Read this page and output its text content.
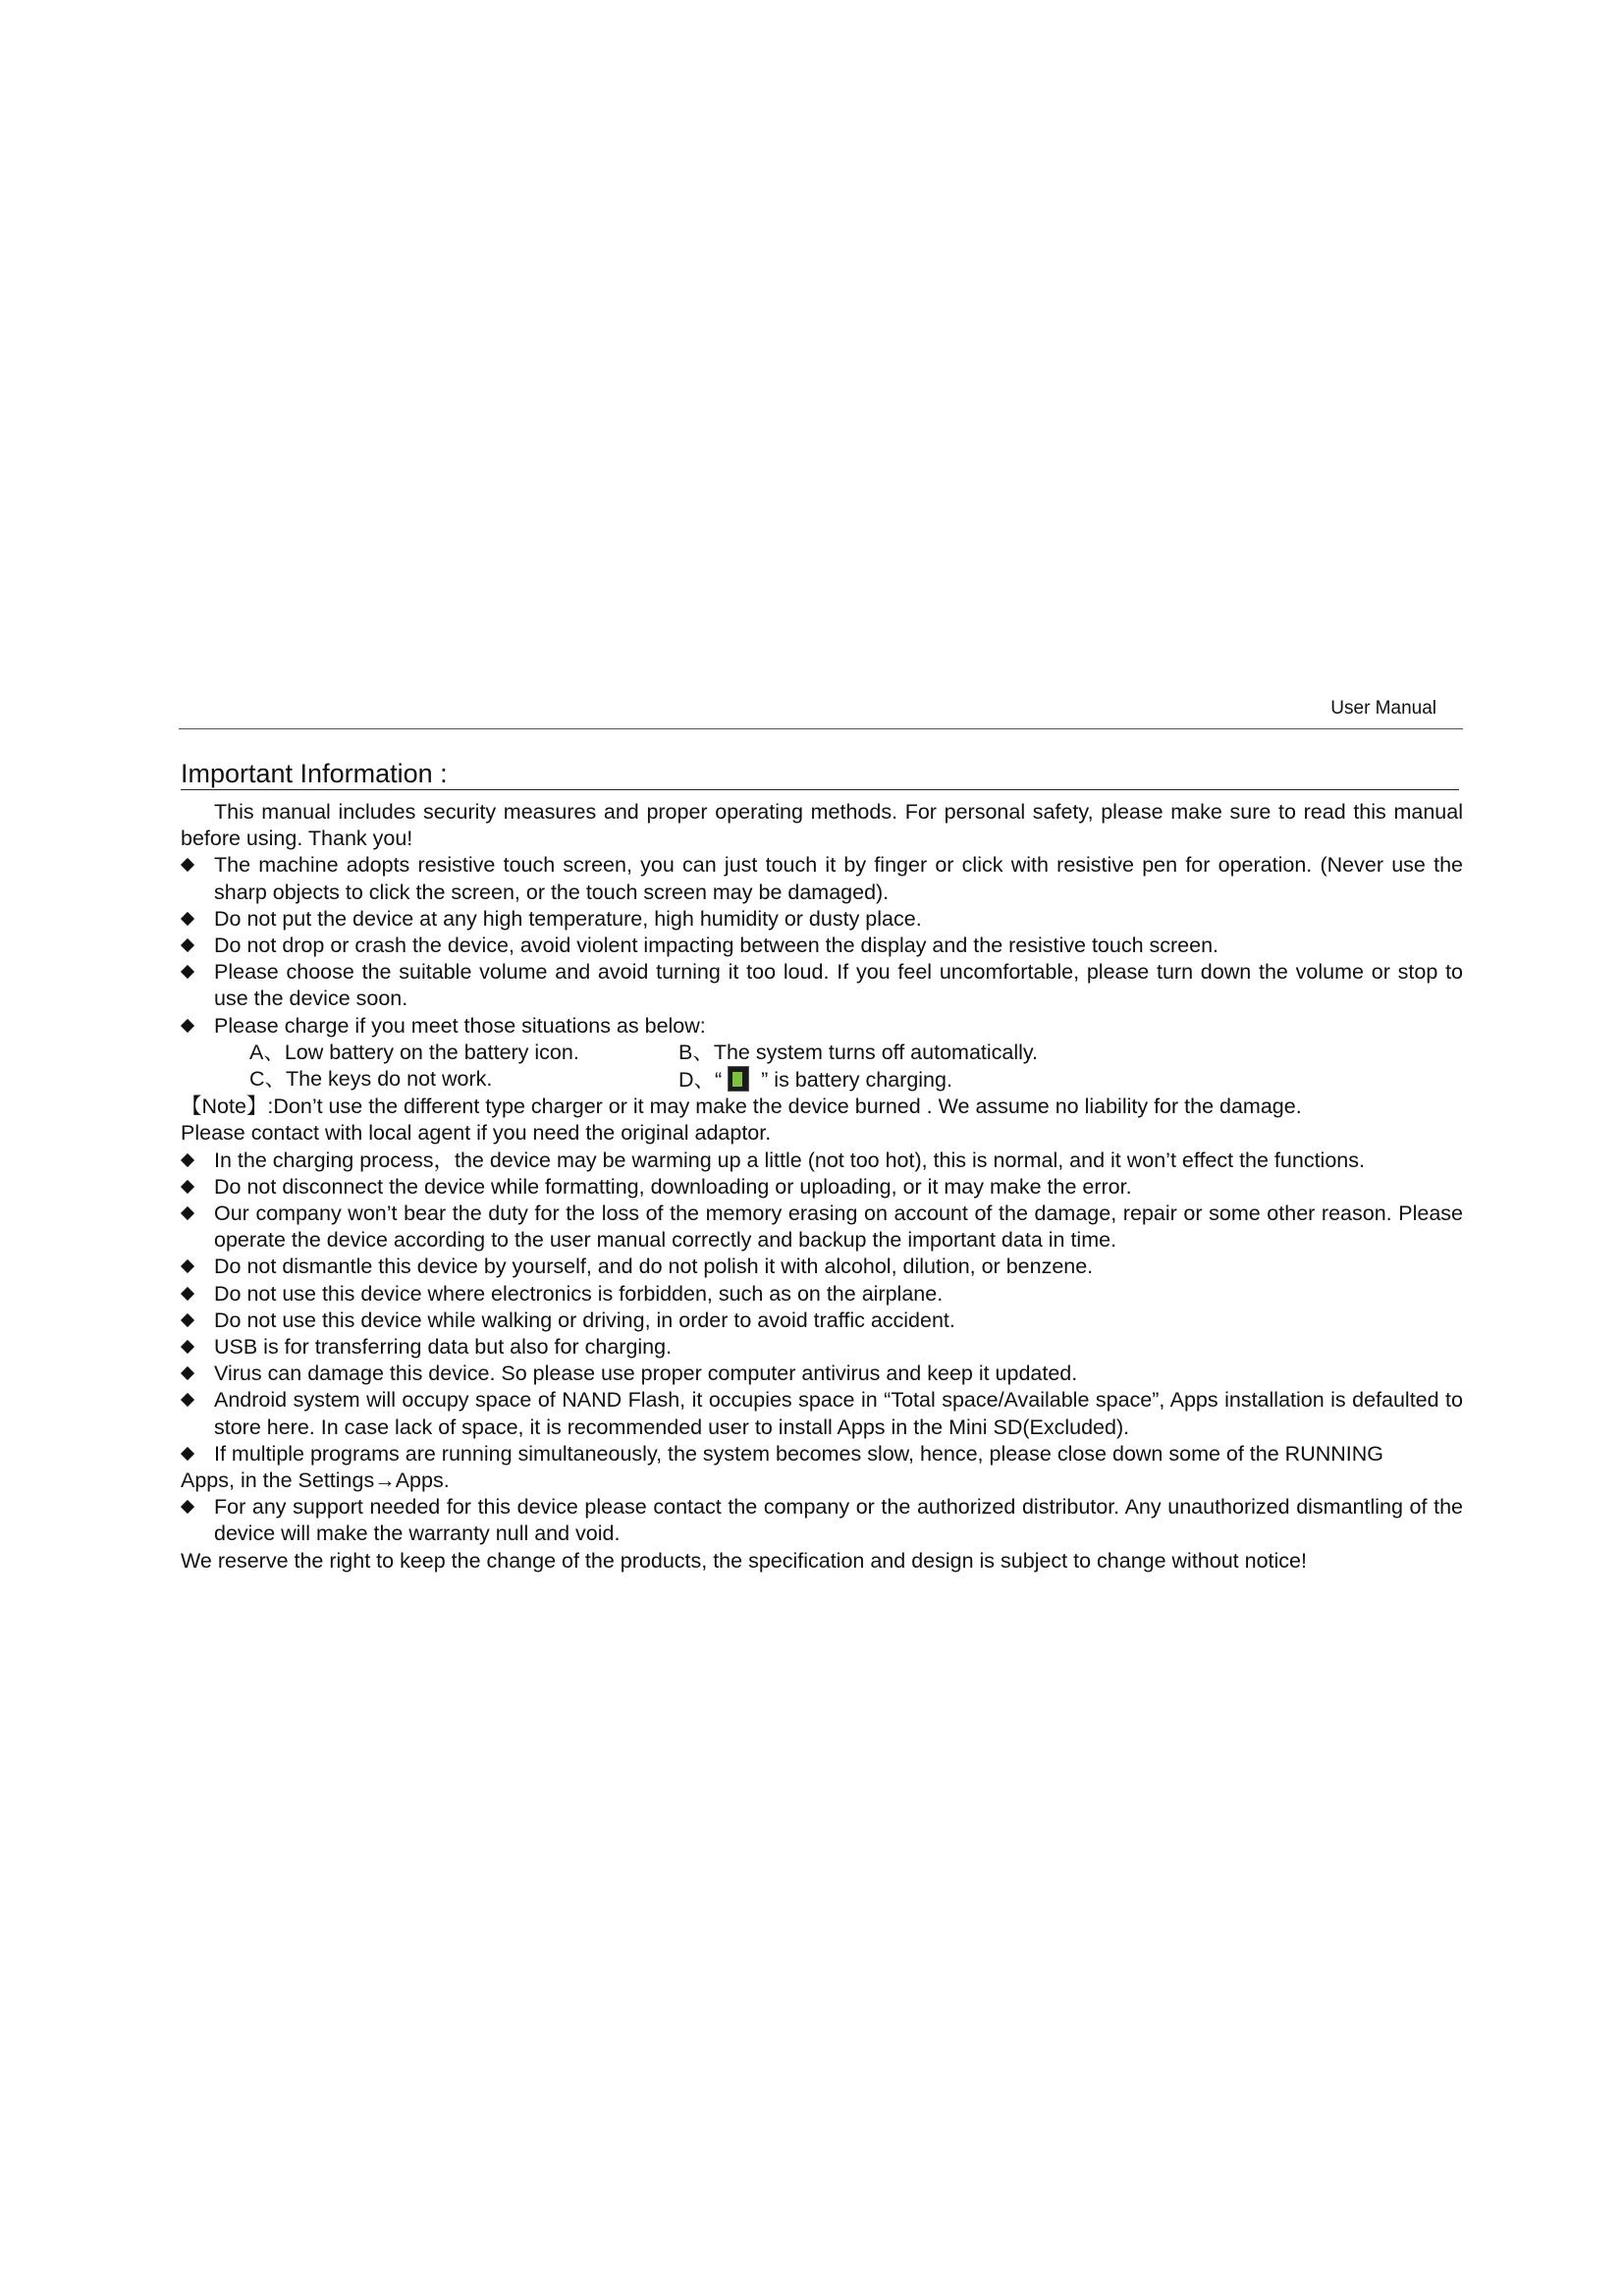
User Manual
Important Information :

This manual includes security measures and proper operating methods. For personal safety, please make sure to read this manual before using. Thank you!

The machine adopts resistive touch screen, you can just touch it by finger or click with resistive pen for operation. (Never use the sharp objects to click the screen, or the touch screen may be damaged).

Do not put the device at any high temperature, high humidity or dusty place.

Do not drop or crash the device, avoid violent impacting between the display and the resistive touch screen.

Please choose the suitable volume and avoid turning it too loud. If you feel uncomfortable, please turn down the volume or stop to use the device soon.

Please charge if you meet those situations as below:

A、Low battery on the battery icon.	B、The system turns off automatically.
C、The keys do not work.	D、“ ” is battery charging.

【Note】:Don’t use the different type charger or it may make the device burned . We assume no liability for the damage.

Please contact with local agent if you need the original adaptor.

In the charging process，the device may be warming up a little (not too hot), this is normal, and it won’t effect the functions.

Do not disconnect the device while formatting, downloading or uploading, or it may make the error.

Our company won’t bear the duty for the loss of the memory erasing on account of the damage, repair or some other reason. Please operate the device according to the user manual correctly and backup the important data in time.

Do not dismantle this device by yourself, and do not polish it with alcohol, dilution, or benzene.

Do not use this device where electronics is forbidden, such as on the airplane.

Do not use this device while walking or driving, in order to avoid traffic accident.

USB is for transferring data but also for charging.

Virus can damage this device. So please use proper computer antivirus and keep it updated.

Android system will occupy space of NAND Flash, it occupies space in “Total space/Available space”, Apps installation is defaulted to store here. In case lack of space, it is recommended user to install Apps in the Mini SD(Excluded).

If multiple programs are running simultaneously, the system becomes slow, hence, please close down some of the RUNNING

Apps, in the Settings→Apps.

For any support needed for this device please contact the company or the authorized distributor. Any unauthorized dismantling of the device will make the warranty null and void.

We reserve the right to keep the change of the products, the specification and design is subject to change without notice!
